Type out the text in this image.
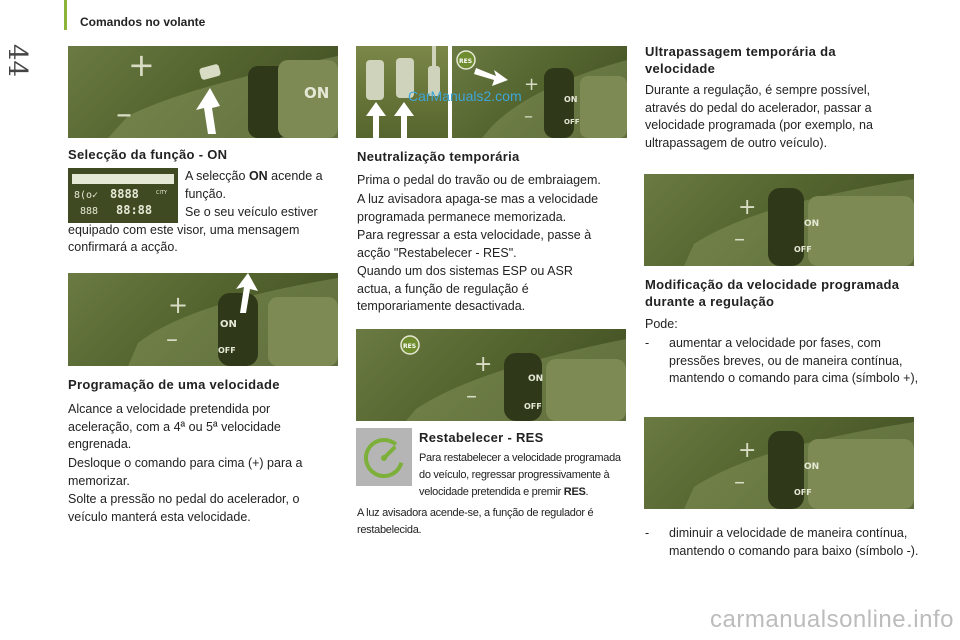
44
Comandos no volante
+
–
ON
Selecção da função - ON
8(o✓ 8888	CITY
888 88:88

A selecção ON acende a função.

Se o seu veículo estiver equipado com este visor, uma mensagem confirmará a acção.

+
–
ON
OFF
Programação de uma velocidade

Alcance a velocidade pretendida por aceleração, com a 4ª ou 5ª velocidade engrenada.

Desloque o comando para cima (+) para a memorizar.

Solte a pressão no pedal do acelerador, o veículo manterá esta velocidade.

+
–
ON
OFF
RES
CarManuals2.com
Neutralização temporária

Prima o pedal do travão ou de embraiagem.

A luz avisadora apaga-se mas a velocidade programada permanece memorizada.

Para regressar a esta velocidade, passe à acção "Restabelecer - RES".

Quando um dos sistemas ESP ou ASR actua, a função de regulação é temporariamente desactivada.

+
–
ON
OFF
RES
Restabelecer - RES

Para restabelecer a velocidade programada do veículo, regressar progressivamente à velocidade pretendida e premir RES.

A luz avisadora acende-se, a função de regulador é restabelecida.

Ultrapassagem temporária da velocidade

Durante a regulação, é sempre possível, através do pedal do acelerador, passar a velocidade programada (por exemplo, na ultrapassagem de outro veículo).

+
–
ON
OFF
Modificação da velocidade programada durante a regulação

Pode:

- aumentar a velocidade por fases, com pressões breves, ou de maneira contínua, mantendo o comando para cima (símbolo +),

+
–
ON
OFF

- diminuir a velocidade de maneira contínua, mantendo o comando para baixo (símbolo -).

carmanualsonline.info
